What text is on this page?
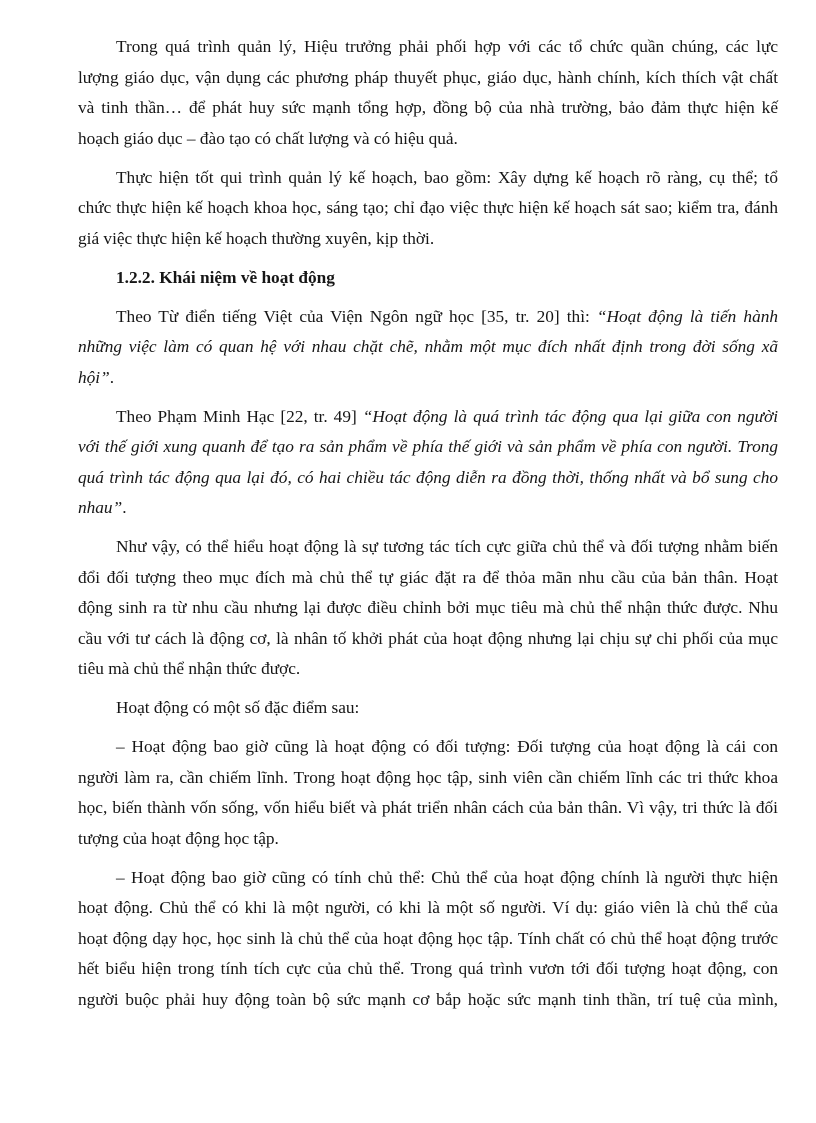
Trong quá trình quản lý, Hiệu trưởng phải phối hợp với các tổ chức quần chúng, các lực
lượng giáo dục, vận dụng các phương pháp thuyết phục, giáo dục, hành chính, kích thích vật chất
và tinh thần… để phát huy sức mạnh tổng hợp, đồng bộ của nhà trường, bảo đảm thực hiện kế
hoạch giáo dục – đào tạo có chất lượng và có hiệu quả.
Thực hiện tốt qui trình quản lý kế hoạch, bao gồm: Xây dựng kế hoạch rõ ràng, cụ thể; tổ
chức thực hiện kế hoạch khoa học, sáng tạo; chỉ đạo việc thực hiện kế hoạch sát sao; kiểm tra, đánh
giá việc thực hiện kế hoạch thường xuyên, kịp thời.
1.2.2. Khái niệm về hoạt động
Theo Từ điển tiếng Việt của Viện Ngôn ngữ học [35, tr. 20] thì: “Hoạt động là tiến hành
những việc làm có quan hệ với nhau chặt chẽ, nhằm một mục đích nhất định trong đời sống xã
hội”.
Theo Phạm Minh Hạc [22, tr. 49] “Hoạt động là quá trình tác động qua lại giữa con người
với thế giới xung quanh để tạo ra sản phẩm về phía thế giới và sản phẩm về phía con người. Trong
quá trình tác động qua lại đó, có hai chiều tác động diễn ra đồng thời, thống nhất và bổ sung cho
nhau”.
Như vậy, có thể hiểu hoạt động là sự tương tác tích cực giữa chủ thể và đối tượng nhằm biến
đổi đối tượng theo mục đích mà chủ thể tự giác đặt ra để thỏa mãn nhu cầu của bản thân. Hoạt
động sinh ra từ nhu cầu nhưng lại được điều chỉnh bởi mục tiêu mà chủ thể nhận thức được. Nhu
cầu với tư cách là động cơ, là nhân tố khởi phát của hoạt động nhưng lại chịu sự chi phối của mục
tiêu mà chủ thể nhận thức được.
Hoạt động có một số đặc điểm sau:
– Hoạt động bao giờ cũng là hoạt động có đối tượng: Đối tượng của hoạt động là cái con
người làm ra, cần chiếm lĩnh. Trong hoạt động học tập, sinh viên cần chiếm lĩnh các tri thức khoa
học, biến thành vốn sống, vốn hiểu biết và phát triển nhân cách của bản thân. Vì vậy, tri thức là đối
tượng của hoạt động học tập.
– Hoạt động bao giờ cũng có tính chủ thể: Chủ thể của hoạt động chính là người thực hiện
hoạt động. Chủ thể có khi là một người, có khi là một số người. Ví dụ: giáo viên là chủ thể của
hoạt động dạy học, học sinh là chủ thể của hoạt động học tập. Tính chất có chủ thể hoạt động trước
hết biểu hiện trong tính tích cực của chủ thể. Trong quá trình vươn tới đối tượng hoạt động, con
người buộc phải huy động toàn bộ sức mạnh cơ bắp hoặc sức mạnh tinh thần, trí tuệ của mình,
